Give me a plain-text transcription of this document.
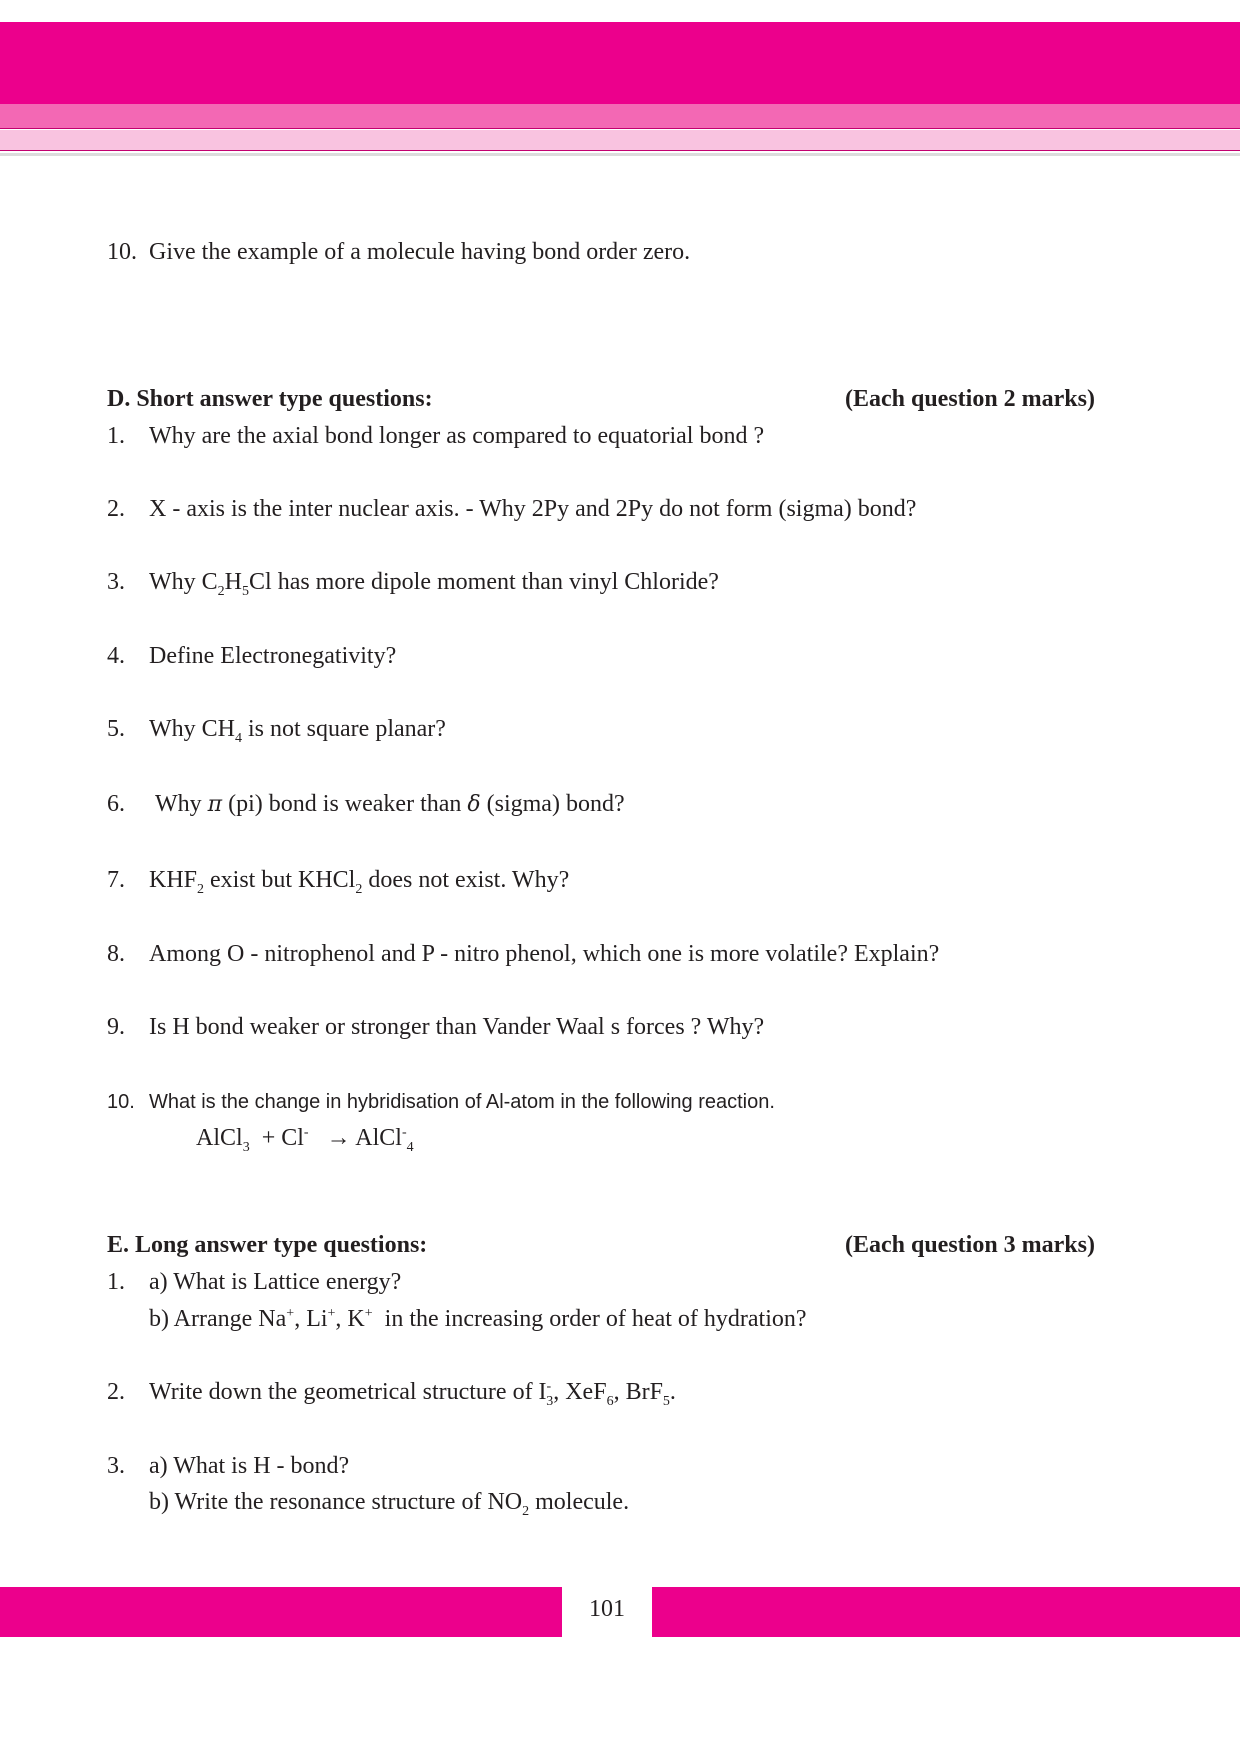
10. Give the example of a molecule having bond order zero.
D. Short answer type questions:	(Each question 2 marks)
1. Why are the axial bond longer as compared to equatorial bond ?
2. X - axis is the inter nuclear axis. - Why 2Py and 2Py do not form (sigma) bond?
3. Why $C_2H_5Cl$ has more dipole moment than vinyl Chloride?
4. Define Electronegativity?
5. Why $CH_4$ is not square planar?
6. Why π (pi) bond is weaker than δ (sigma) bond?
7. $KHF_2$ exist but KHCl$_2$ does not exist. Why?
8. Among O - nitrophenol and P - nitro phenol, which one is more volatile? Explain?
9. Is H bond weaker or stronger than Vander Waal s forces ? Why?
10. What is the change in hybridisation of Al-atom in the following reaction.
AlCl$_3$  + Cl- → AlCl-$_4$
E. Long answer type questions:	(Each question 3 marks)
1. a) What is Lattice energy?
b) Arrange Na+, Li+, K+  in the increasing order of heat of hydration?
2. Write down the geometrical structure of $I^-_3$, XeF$_6$, BrF$_5$.
3. a) What is H - bond?
b) Write the resonance structure of $NO_2$ molecule.
101
